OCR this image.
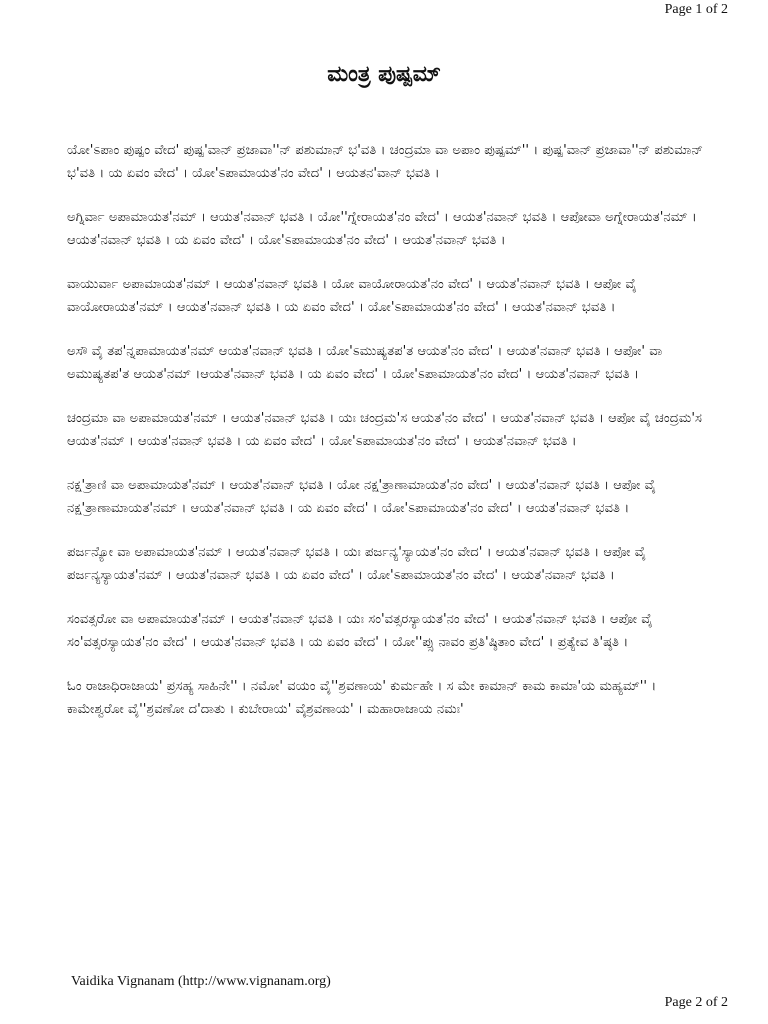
Page 1 of 2
ಮಂತ್ರ ಪುಷ್ಪಮ್

ಯೋ'ಽಪಾಂ ಪುಷ್ಪಂ ವೇದ' ಪುಷ್ಪ'ವಾನ್ ಪ್ರಜಾವಾ''ನ್ ಪಶುಮಾನ್ ಭ'ವತಿ । ಚಂದ್ರಮಾ ವಾ ಅಪಾಂ ಪುಷ್ಪಮ್'' । ಪುಷ್ಪ'ವಾನ್ ಪ್ರಜಾವಾ''ನ್ ಪಶುಮಾನ್ ಭ'ವತಿ । ಯ ಏವಂ ವೇದ' । ಯೋ'ಽಪಾಮಾಯತ'ನಂ ವೇದ' । ಆಯತನ'ವಾನ್ ಭವತಿ ।

ಅಗ್ನಿರ್ವಾ ಅಪಾಮಾಯತ'ನಮ್ । ಆಯತ'ನವಾನ್ ಭವತಿ । ಯೋ''ಗ್ನೇರಾಯತ'ನಂ ವೇದ' । ಆಯತ'ನವಾನ್ ಭವತಿ । ಆಪೋವಾ ಅಗ್ನೇರಾಯತ'ನಮ್ । ಆಯತ'ನವಾನ್ ಭವತಿ । ಯ ಏವಂ ವೇದ' । ಯೋ'ಽಪಾಮಾಯತ'ನಂ ವೇದ' । ಆಯತ'ನವಾನ್ ಭವತಿ ।

ವಾಯುರ್ವಾ ಅಪಾಮಾಯತ'ನಮ್ । ಆಯತ'ನವಾನ್ ಭವತಿ । ಯೋ ವಾಯೋರಾಯತ'ನಂ ವೇದ' । ಆಯತ'ನವಾನ್ ಭವತಿ । ಆಪೋ ವೈ ವಾಯೋರಾಯತ'ನಮ್ । ಆಯತ'ನವಾನ್ ಭವತಿ । ಯ ಏವಂ ವೇದ' । ಯೋ'ಽಪಾಮಾಯತ'ನಂ ವೇದ' । ಆಯತ'ನವಾನ್ ಭವತಿ ।

ಅಸೌ ವೈ ತಪ'ನ್ನಪಾಮಾಯತ'ನಮ್ ಆಯತ'ನವಾನ್ ಭವತಿ । ಯೋ'ಽಮುಷ್ಯತಪ'ತ ಆಯತ'ನಂ ವೇದ' । ಆಯತ'ನವಾನ್ ಭವತಿ । ಆಪೋ' ವಾ ಅಮುಷ್ಯತಪ'ತ ಆಯತ'ನಮ್ ।ಆಯತ'ನವಾನ್ ಭವತಿ । ಯ ಏವಂ ವೇದ' । ಯೋ'ಽಪಾಮಾಯತ'ನಂ ವೇದ' । ಆಯತ'ನವಾನ್ ಭವತಿ ।

ಚಂದ್ರಮಾ ವಾ ಅಪಾಮಾಯತ'ನಮ್ । ಆಯತ'ನವಾನ್ ಭವತಿ । ಯಃ ಚಂದ್ರಮ'ಸ ಆಯತ'ನಂ ವೇದ' । ಆಯತ'ನವಾನ್ ಭವತಿ । ಆಪೋ ವೈ ಚಂದ್ರಮ'ಸ ಆಯತ'ನಮ್ । ಆಯತ'ನವಾನ್ ಭವತಿ । ಯ ಏವಂ ವೇದ' । ಯೋ'ಽಪಾಮಾಯತ'ನಂ ವೇದ' । ಆಯತ'ನವಾನ್ ಭವತಿ ।

ನಕ್ಷ'ತ್ರಾಣಿ ವಾ ಅಪಾಮಾಯತ'ನಮ್ । ಆಯತ'ನವಾನ್ ಭವತಿ । ಯೋ ನಕ್ಷ'ತ್ರಾಣಾಮಾಯತ'ನಂ ವೇದ' । ಆಯತ'ನವಾನ್ ಭವತಿ । ಆಪೋ ವೈ ನಕ್ಷ'ತ್ರಾಣಾಮಾಯತ'ನಮ್ । ಆಯತ'ನವಾನ್ ಭವತಿ । ಯ ಏವಂ ವೇದ' । ಯೋ'ಽಪಾಮಾಯತ'ನಂ ವೇದ' । ಆಯತ'ನವಾನ್ ಭವತಿ ।

ಪರ್ಜನ್ಯೋ ವಾ ಅಪಾಮಾಯತ'ನಮ್ । ಆಯತ'ನವಾನ್ ಭವತಿ । ಯಃ ಪರ್ಜನ್ಯ'ಸ್ಯಾಯತ'ನಂ ವೇದ' । ಆಯತ'ನವಾನ್ ಭವತಿ । ಆಪೋ ವೈ ಪರ್ಜನ್ಯಸ್ಯಾಯತ'ನಮ್ । ಆಯತ'ನವಾನ್ ಭವತಿ । ಯ ಏವಂ ವೇದ' । ಯೋ'ಽಪಾಮಾಯತ'ನಂ ವೇದ' । ಆಯತ'ನವಾನ್ ಭವತಿ ।

ಸಂವತ್ಸರೋ ವಾ ಅಪಾಮಾಯತ'ನಮ್ । ಆಯತ'ನವಾನ್ ಭವತಿ । ಯಃ ಸಂ'ವತ್ಸರಸ್ಯಾಯತ'ನಂ ವೇದ' । ಆಯತ'ನವಾನ್ ಭವತಿ । ಆಪೋ ವೈ ಸಂ'ವತ್ಸರಸ್ಯಾಯತ'ನಂ ವೇದ' । ಆಯತ'ನವಾನ್ ಭವತಿ । ಯ ಏವಂ ವೇದ' । ಯೋ''ಪ್ಸು ನಾವಂ ಪ್ರತಿ'ಷ್ಠಿತಾಂ ವೇದ' । ಪ್ರತ್ಯೇವ ತಿ'ಷ್ಠತಿ ।

ಓಂ ರಾಜಾಧಿರಾಜಾಯ' ಪ್ರಸಹ್ಯ ಸಾಹಿನೇ'' । ನಮೋ' ವಯಂ ವೈ''ಶ್ರವಣಾಯ' ಕುರ್ಮಹೇ । ಸ ಮೇ ಕಾಮಾನ್ ಕಾಮ ಕಾಮಾ'ಯ ಮಹ್ಯಮ್'' । ಕಾಮೇಶ್ವರೋ ವೈ''ಶ್ರವಣೋ ದ'ದಾತು । ಕುಬೇರಾಯ' ವೈಶ್ರವಣಾಯ' । ಮಹಾರಾಜಾಯ ನಮಃ'

Vaidika Vignanam (http://www.vignanam.org)
Page 2 of 2
